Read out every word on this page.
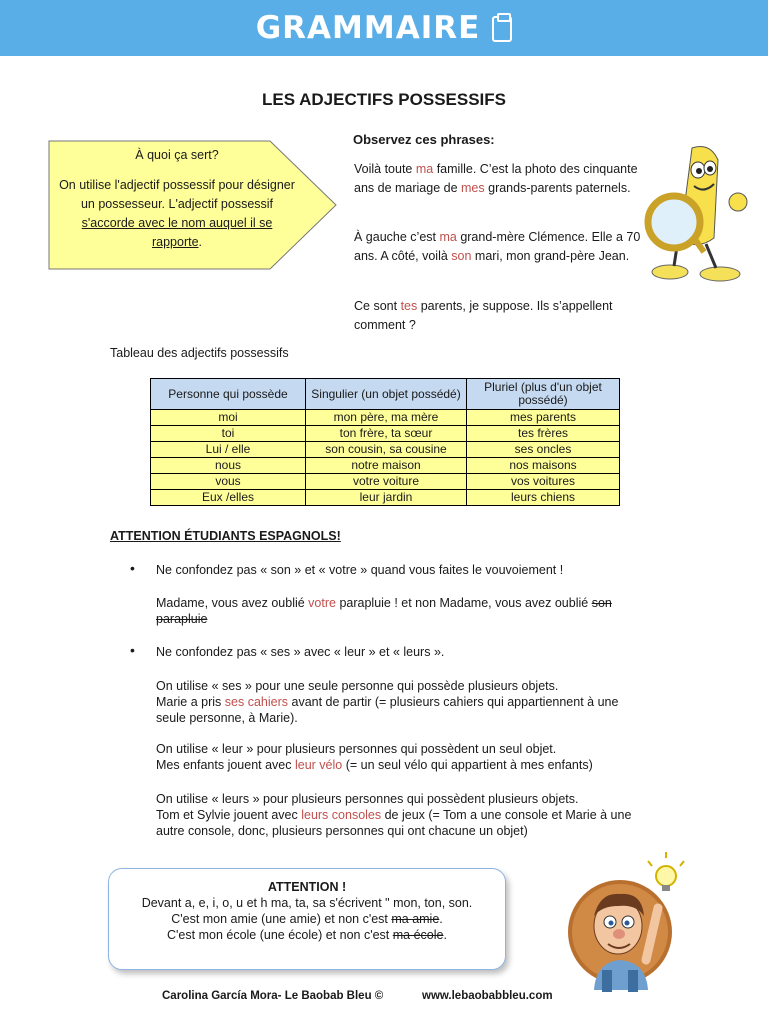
GRAMMAIRE
LES ADJECTIFS POSSESSIFS
À quoi ça sert?
On utilise l'adjectif possessif pour désigner un possesseur. L'adjectif possessif s'accorde avec le nom auquel il se rapporte.
Observez ces phrases:
Voilà toute ma famille. C’est la photo des cinquante ans de mariage de mes grands-parents paternels.
À gauche c’est ma grand-mère Clémence. Elle a 70 ans. A côté, voilà son mari, mon grand-père Jean.
Ce sont tes parents, je suppose. Ils s’appellent comment ?
Tableau des adjectifs possessifs
Personne qui possède	Singulier (un objet possédé)	Pluriel (plus d'un objet possédé)
moi	mon père, ma mère	mes parents
toi	ton frère, ta sœur	tes frères
Lui / elle	son cousin, sa cousine	ses oncles
nous	notre maison	nos maisons
vous	votre voiture	vos voitures
Eux /elles	leur jardin	leurs chiens
ATTENTION ÉTUDIANTS ESPAGNOLS!
• Ne confondez pas « son » et « votre » quand vous faites le vouvoiement !
Madame, vous avez oublié votre parapluie ! et non Madame, vous avez oublié son parapluie
• Ne confondez pas « ses » avec « leur » et « leurs ».
On utilise « ses » pour une seule personne qui possède plusieurs objets.
Marie a pris ses cahiers avant de partir (= plusieurs cahiers qui appartiennent à une seule personne, à Marie).
On utilise « leur » pour plusieurs personnes qui possèdent un seul objet.
Mes enfants jouent avec leur vélo (= un seul vélo qui appartient à mes enfants)
On utilise « leurs » pour plusieurs personnes qui possèdent plusieurs objets.
Tom et Sylvie jouent avec leurs consoles de jeux (= Tom a une console et Marie à une autre console, donc, plusieurs personnes qui ont chacune un objet)
ATTENTION !
Devant a, e, i, o, u et h ma, ta, sa s'écrivent " mon, ton, son.
C'est mon amie (une amie) et non c'est ma amie.
C'est mon école (une école) et non c'est ma école.
Carolina García Mora- Le Baobab Bleu ©	www.lebaobabbleu.com
